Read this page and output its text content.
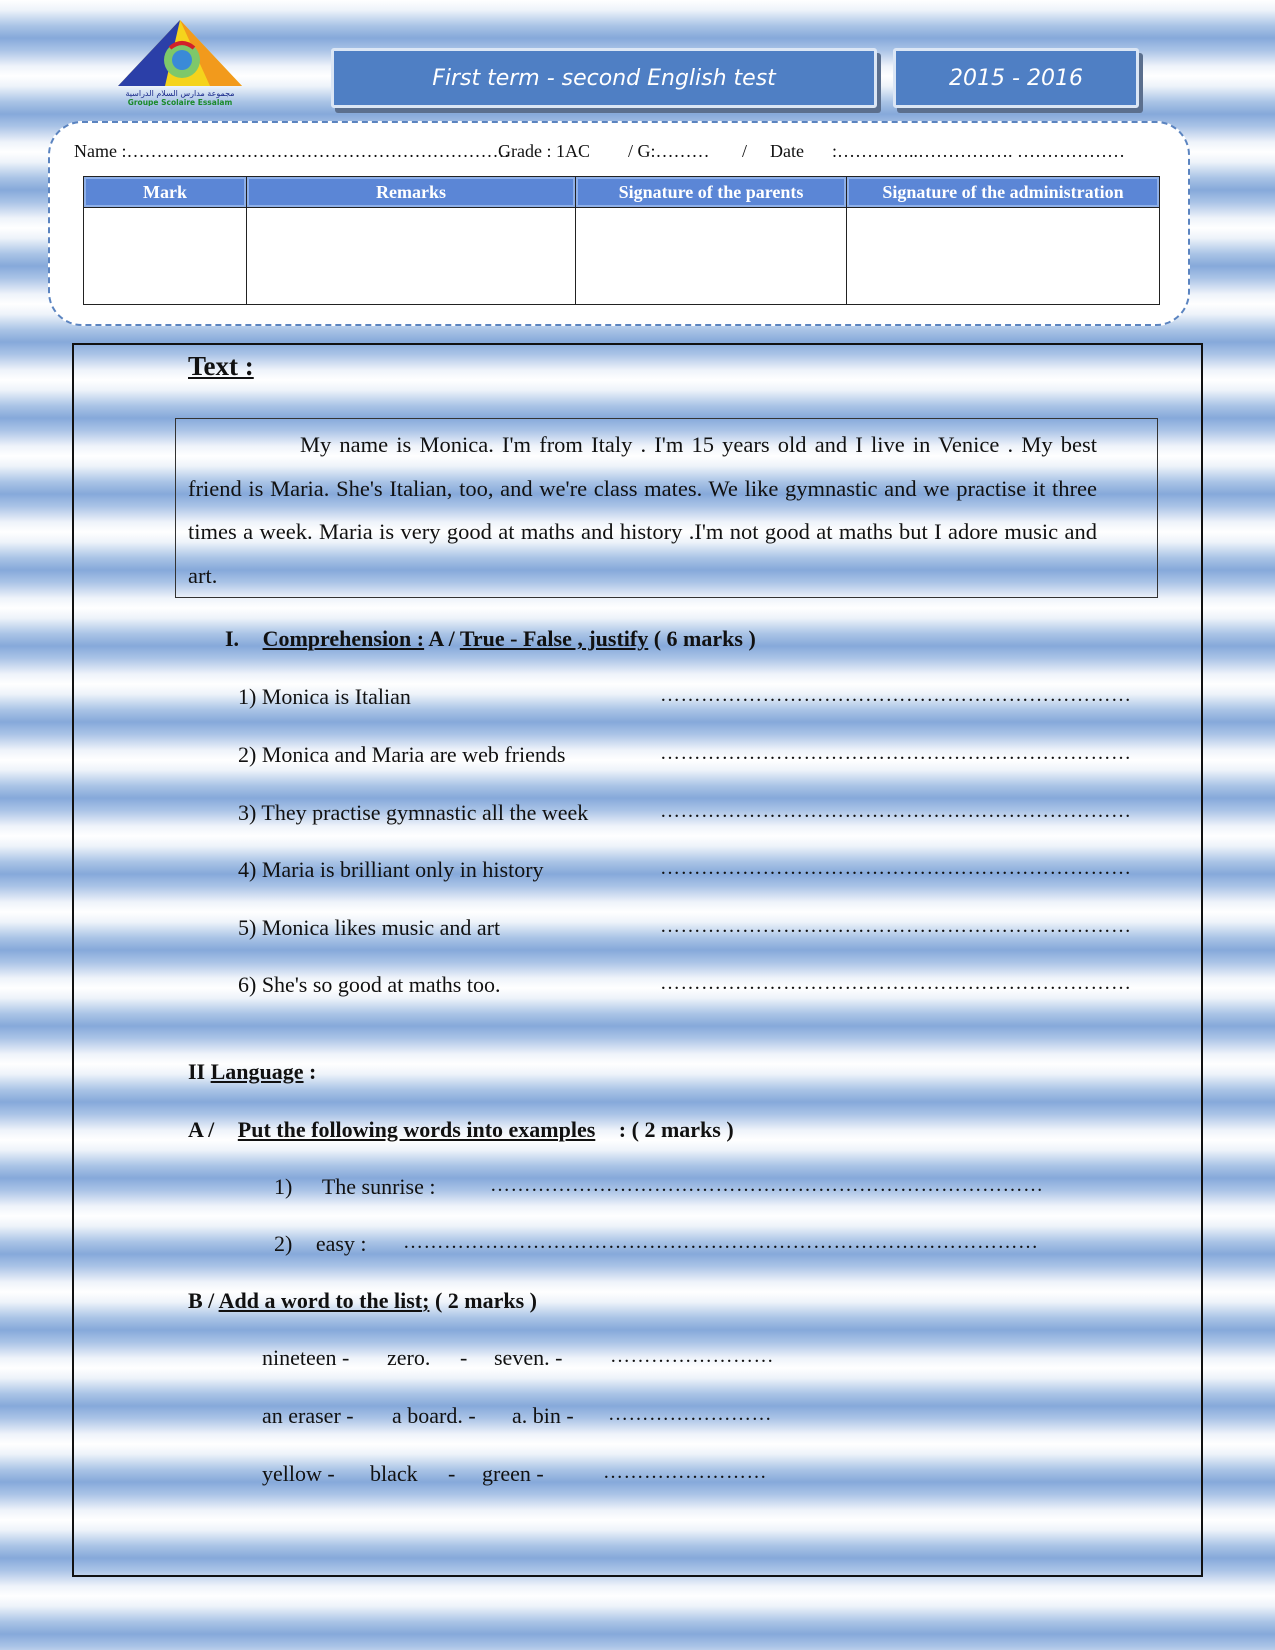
مجموعة مدارس السلام الدراسية
Groupe Scolaire Essalam
First term - second English test	2015 - 2016
Name :……………………………………………………….
Grade : 1AC / G:……… / Date :…………..……………. ………………
Mark	Remarks	Signature of the parents	Signature of the administration

Text :
My name is Monica. I'm from Italy . I'm 15 years old and I live in Venice . My best friend is Maria. She's Italian, too, and we're class mates. We like gymnastic and we practise it three times a week. Maria is very good at maths and history .I'm not good at maths but I adore music and art.
I. Comprehension : A / True - False , justify ( 6 marks )
1) Monica is Italian	……………………………………………………………
2) Monica and Maria are web friends	……………………………………………………………
3) They practise gymnastic all the week	……………………………………………………………
4) Maria is brilliant only in history	……………………………………………………………
5) Monica likes music and art	……………………………………………………………
6) She's so good at maths too.	……………………………………………………………
II Language :
A / Put the following words into examples : ( 2 marks )
1) The sunrise :	………………………………………………………………………
2) easy : …………………………………………………………………………………
B / Add a word to the list; ( 2 marks )
nineteen - zero. - seven. - ……………………
an eraser - a board. - a. bin - ……………………
yellow - black - green -	……………………
